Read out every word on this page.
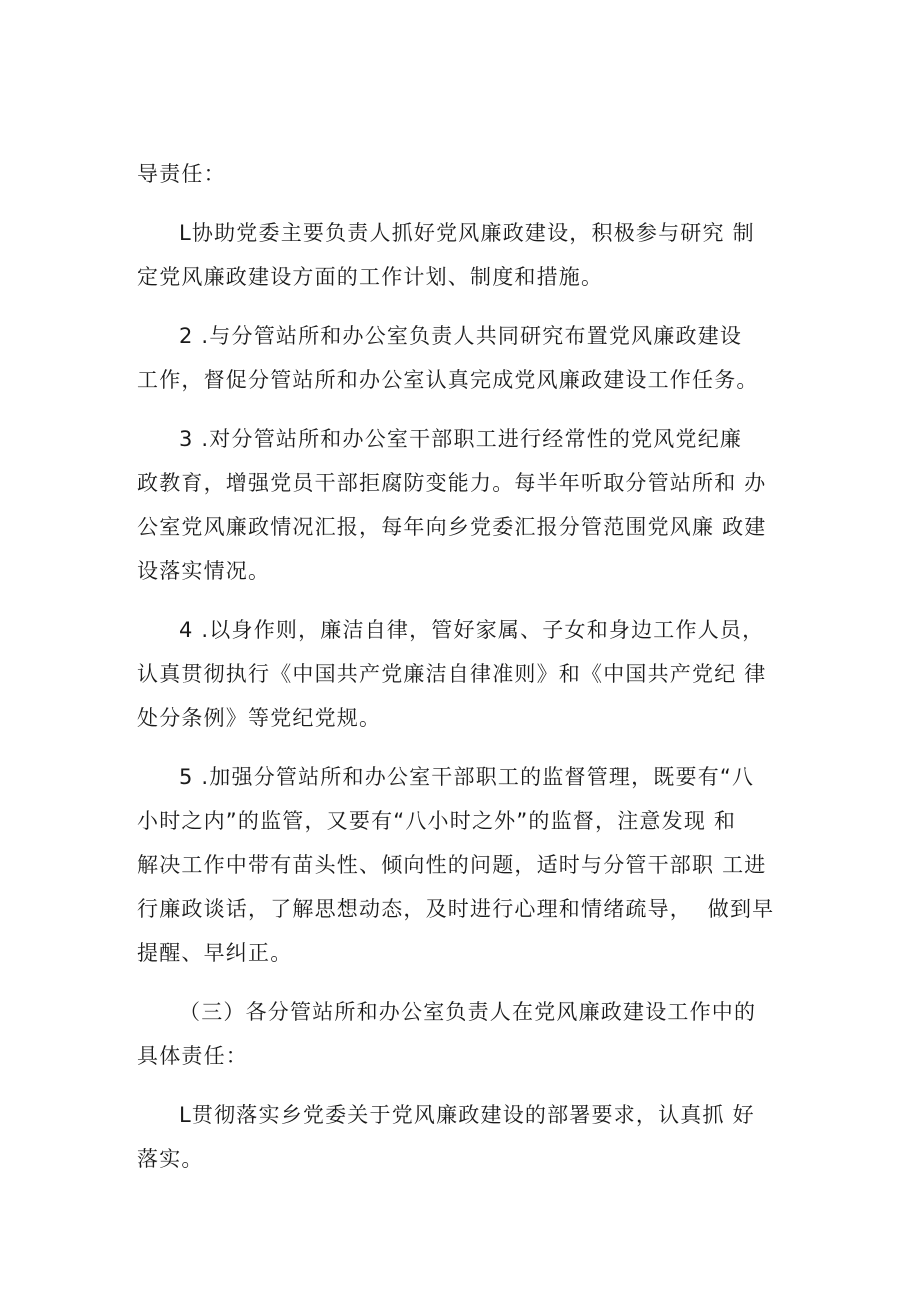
导责任：
L协助党委主要负责人抓好党风廉政建设，积极参与研究 制
定党风廉政建设方面的工作计划、制度和措施。
2 .与分管站所和办公室负责人共同研究布置党风廉政建设
工作，督促分管站所和办公室认真完成党风廉政建设工作任务。
3 .对分管站所和办公室干部职工进行经常性的党风党纪廉
政教育，增强党员干部拒腐防变能力。每半年听取分管站所和 办
公室党风廉政情况汇报，每年向乡党委汇报分管范围党风廉 政建
设落实情况。
4 .以身作则，廉洁自律，管好家属、子女和身边工作人员，
认真贯彻执行《中国共产党廉洁自律准则》和《中国共产党纪 律
处分条例》等党纪党规。
5 .加强分管站所和办公室干部职工的监督管理，既要有“八
小时之内”的监管，又要有“八小时之外”的监督，注意发现 和
解决工作中带有苗头性、倾向性的问题，适时与分管干部职 工进
行廉政谈话，了解思想动态，及时进行心理和情绪疏导，  做到早
提醒、早纠正。
（三）各分管站所和办公室负责人在党风廉政建设工作中的
具体责任：
L贯彻落实乡党委关于党风廉政建设的部署要求，认真抓 好
落实。
